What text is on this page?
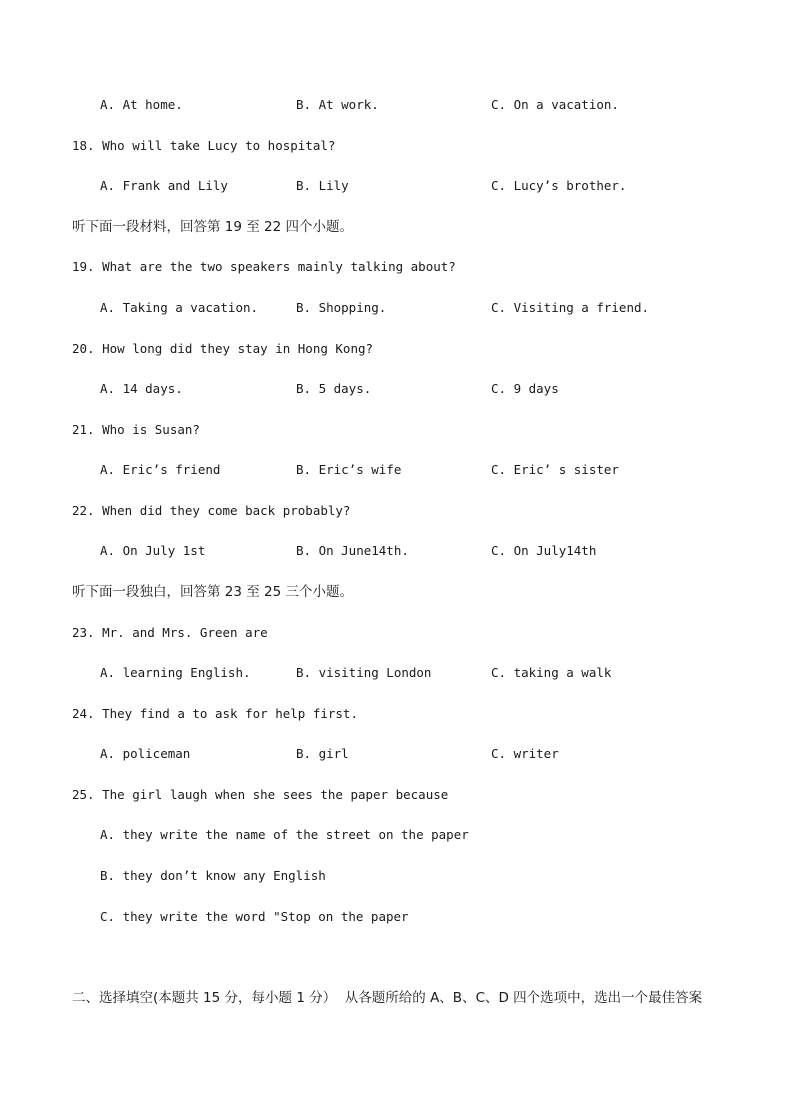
A. At home.	B. At work.	C. On a vacation.
18. Who will take Lucy to hospital?
A. Frank and Lily	B. Lily	C. Lucy’s brother.
听下面一段材料，回答第 19 至 22 四个小题。
19. What are the two speakers mainly talking about?
A. Taking a vacation.	B. Shopping.	C. Visiting a friend.
20. How long did they stay in Hong Kong?
A. 14 days.	B. 5 days.	C. 9 days
21. Who is Susan?
A. Eric’s friend	B. Eric’s wife	C. Eric’ s sister
22. When did they come back probably?
A. On July 1st	B. On June14th.	C. On July14th
听下面一段独白，回答第 23 至 25 三个小题。
23. Mr. and Mrs. Green are
A. learning English.	B. visiting London	C. taking a walk
24. They find a to ask for help first.
A. policeman	B. girl	C. writer
25. The girl laugh when she sees the paper because
A. they write the name of the street on the paper
B. they don’t know any English
C. they write the word "Stop on the paper
二、选择填空(本题共 15 分，每小题 1 分）  从各题所给的 A、B、C、D 四个选项中，选出一个最佳答案
